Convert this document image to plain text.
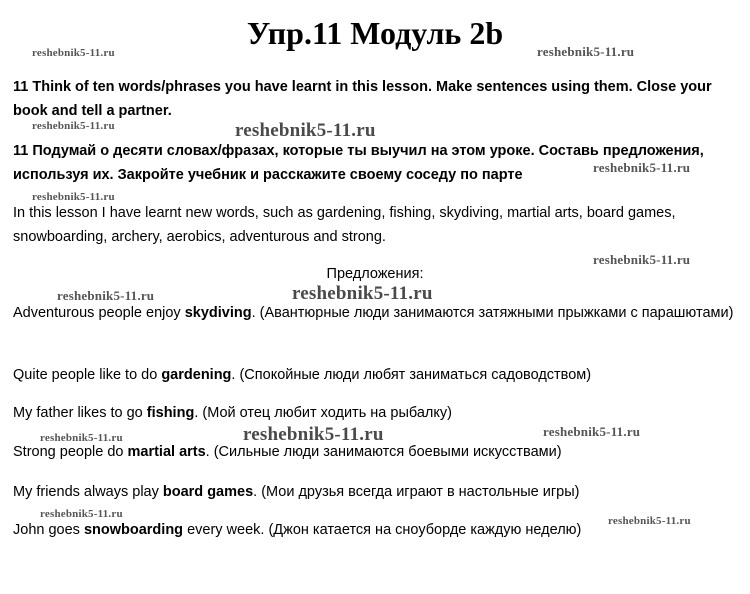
Упр.11 Модуль 2b
reshebnik5-11.ru	reshebnik5-11.ru
reshebnik5-11.ru	reshebnik5-11.ru
reshebnik5-11.ru
reshebnik5-11.ru
reshebnik5-11.ru
reshebnik5-11.ru	reshebnik5-11.ru
reshebnik5-11.ru	reshebnik5-11.ru	reshebnik5-11.ru
reshebnik5-11.ru
reshebnik5-11.ru
11 Think of ten words/phrases you have learnt in this lesson. Make sentences using them. Close your book and tell a partner.
11 Подумай о десяти словах/фразах, которые ты выучил на этом уроке. Составь предложения, используя их. Закройте учебник и расскажите своему соседу по парте
In this lesson I have learnt new words, such as gardening, fishing, skydiving, martial arts, board games, snowboarding, archery, aerobics, adventurous and strong.
Предложения:
Adventurous people enjoy skydiving. (Авантюрные люди занимаются затяжными прыжками с парашютами)
Quite people like to do gardening. (Спокойные люди любят заниматься садоводством)
My father likes to go fishing. (Мой отец любит ходить на рыбалку)
Strong people do martial arts. (Сильные люди занимаются боевыми искусствами)
My friends always play board games. (Мои друзья всегда играют в настольные игры)
John goes snowboarding every week. (Джон катается на сноуборде каждую неделю)
